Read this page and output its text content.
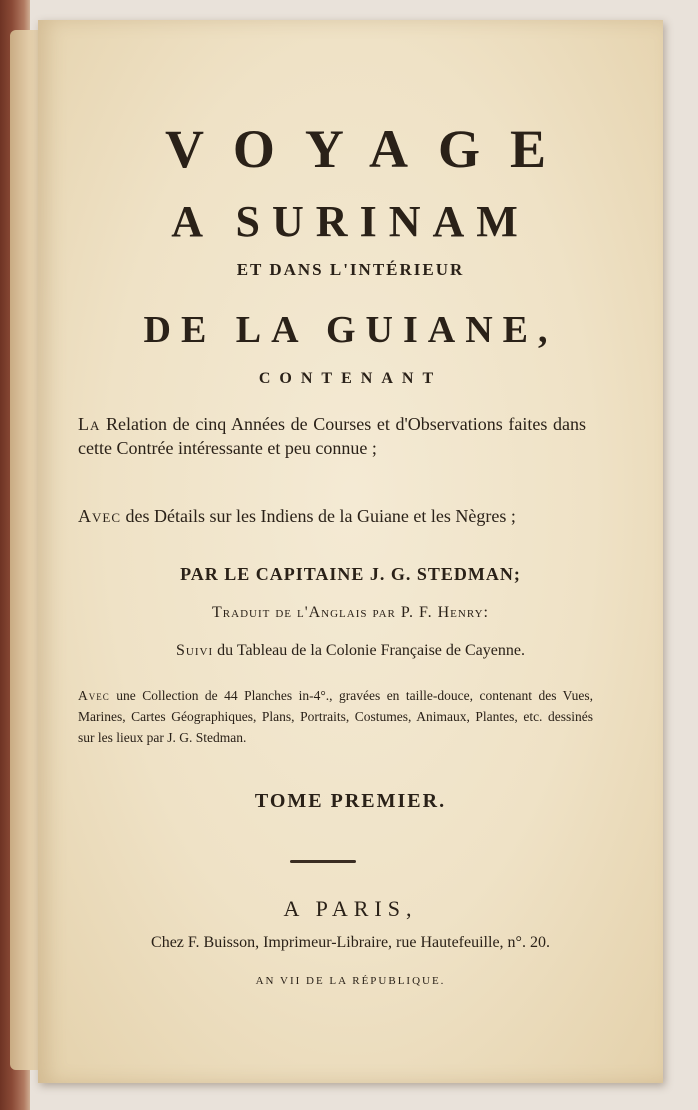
VOYAGE
A SURINAM
ET DANS L'INTÉRIEUR
DE LA GUIANE,
CONTENANT
La Relation de cinq Années de Courses et d'Observations faites dans cette Contrée intéressante et peu connue ;
Avec des Détails sur les Indiens de la Guiane et les Nègres ;
PAR LE CAPITAINE J. G. STEDMAN;
Traduit de l'Anglais par P. F. Henry:
Suivi du Tableau de la Colonie Française de Cayenne.
Avec une Collection de 44 Planches in-4°., gravées en taille-douce, contenant des Vues, Marines, Cartes Géographiques, Plans, Portraits, Costumes, Animaux, Plantes, etc. dessinés sur les lieux par J. G. Stedman.
TOME PREMIER.
A PARIS,
Chez F. Buisson, Imprimeur-Libraire, rue Hautefeuille, n°. 20.
AN VII DE LA RÉPUBLIQUE.
